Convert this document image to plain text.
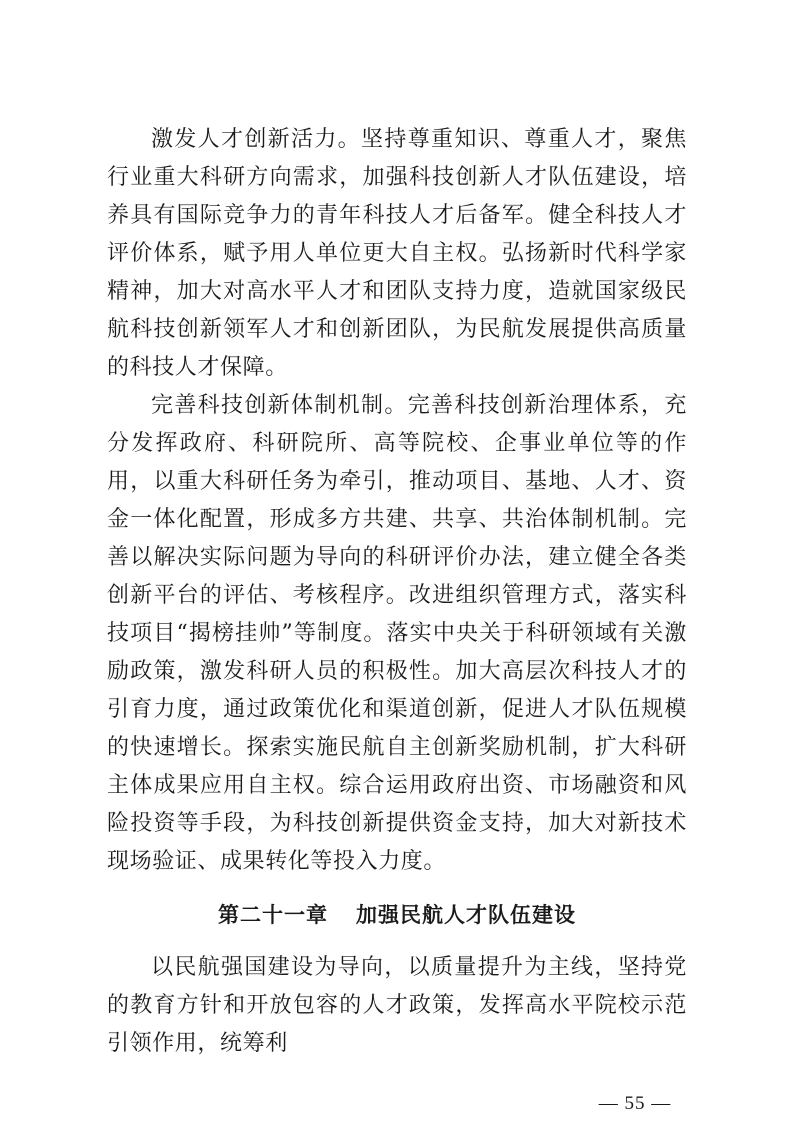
激发人才创新活力。坚持尊重知识、尊重人才，聚焦行业重大科研方向需求，加强科技创新人才队伍建设，培养具有国际竞争力的青年科技人才后备军。健全科技人才评价体系，赋予用人单位更大自主权。弘扬新时代科学家精神，加大对高水平人才和团队支持力度，造就国家级民航科技创新领军人才和创新团队，为民航发展提供高质量的科技人才保障。

完善科技创新体制机制。完善科技创新治理体系，充分发挥政府、科研院所、高等院校、企事业单位等的作用，以重大科研任务为牵引，推动项目、基地、人才、资金一体化配置，形成多方共建、共享、共治体制机制。完善以解决实际问题为导向的科研评价办法，建立健全各类创新平台的评估、考核程序。改进组织管理方式，落实科技项目“揭榜挂帅”等制度。落实中央关于科研领域有关激励政策，激发科研人员的积极性。加大高层次科技人才的引育力度，通过政策优化和渠道创新，促进人才队伍规模的快速增长。探索实施民航自主创新奖励机制，扩大科研主体成果应用自主权。综合运用政府出资、市场融资和风险投资等手段，为科技创新提供资金支持，加大对新技术现场验证、成果转化等投入力度。

第二十一章 加强民航人才队伍建设

以民航强国建设为导向，以质量提升为主线，坚持党的教育方针和开放包容的人才政策，发挥高水平院校示范引领作用，统筹利

— 55 —
